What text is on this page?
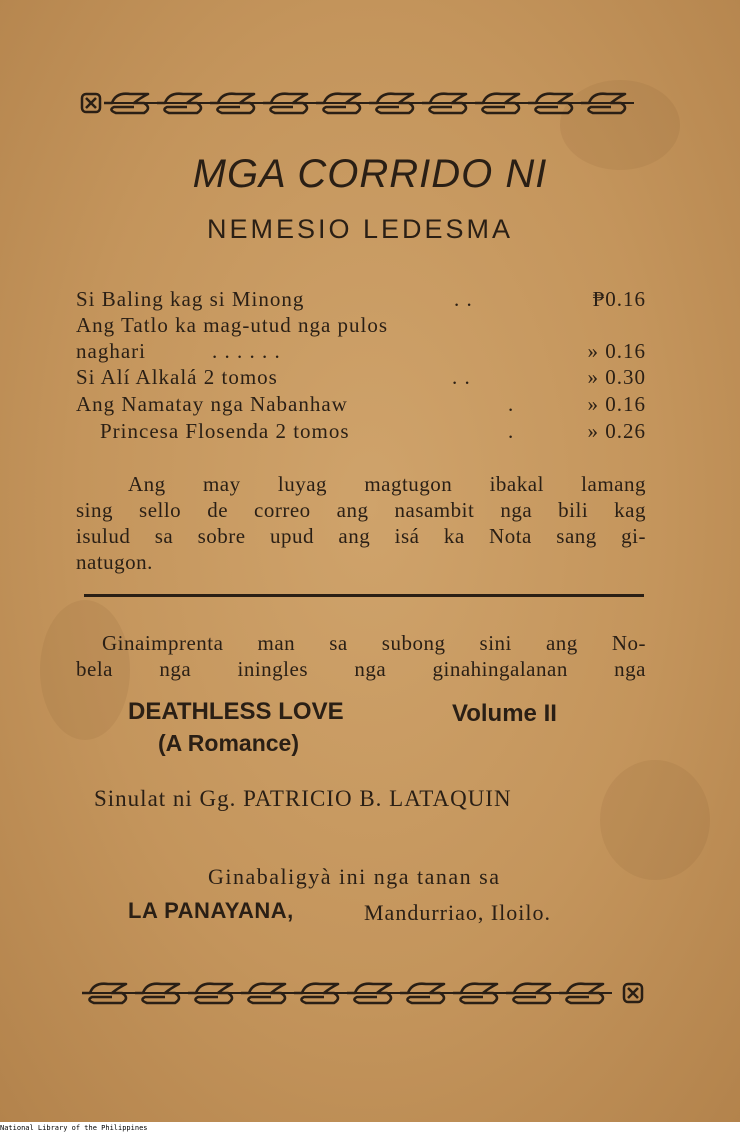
MGA CORRIDO NI
NEMESIO LEDESMA
Si Baling kag si Minong	. .	₱0.16
Ang Tatlo ka mag-utud nga pulos
naghari	. . . . . .	» 0.16
Si Alí Alkalá 2 tomos	. .	» 0.30
Ang Namatay nga Nabanhaw	.	» 0.16
Princesa Flosenda 2 tomos	.	» 0.26

Ang may luyag magtugon ibakal lamang

sing sello de correo ang nasambit nga bili kag

isulud sa sobre upud ang isá ka Nota sang gi-

natugon.

Ginaimprenta man sa subong sini ang No-

bela nga iningles nga ginahingalanan nga

DEATHLESS LOVE	Volume II
(A Romance)
Sinulat ni Gg. PATRICIO B. LATAQUIN
Ginabaligyà ini nga tanan sa
LA PANAYANA,	Mandurriao, Iloilo.
National Library of the Philippines
